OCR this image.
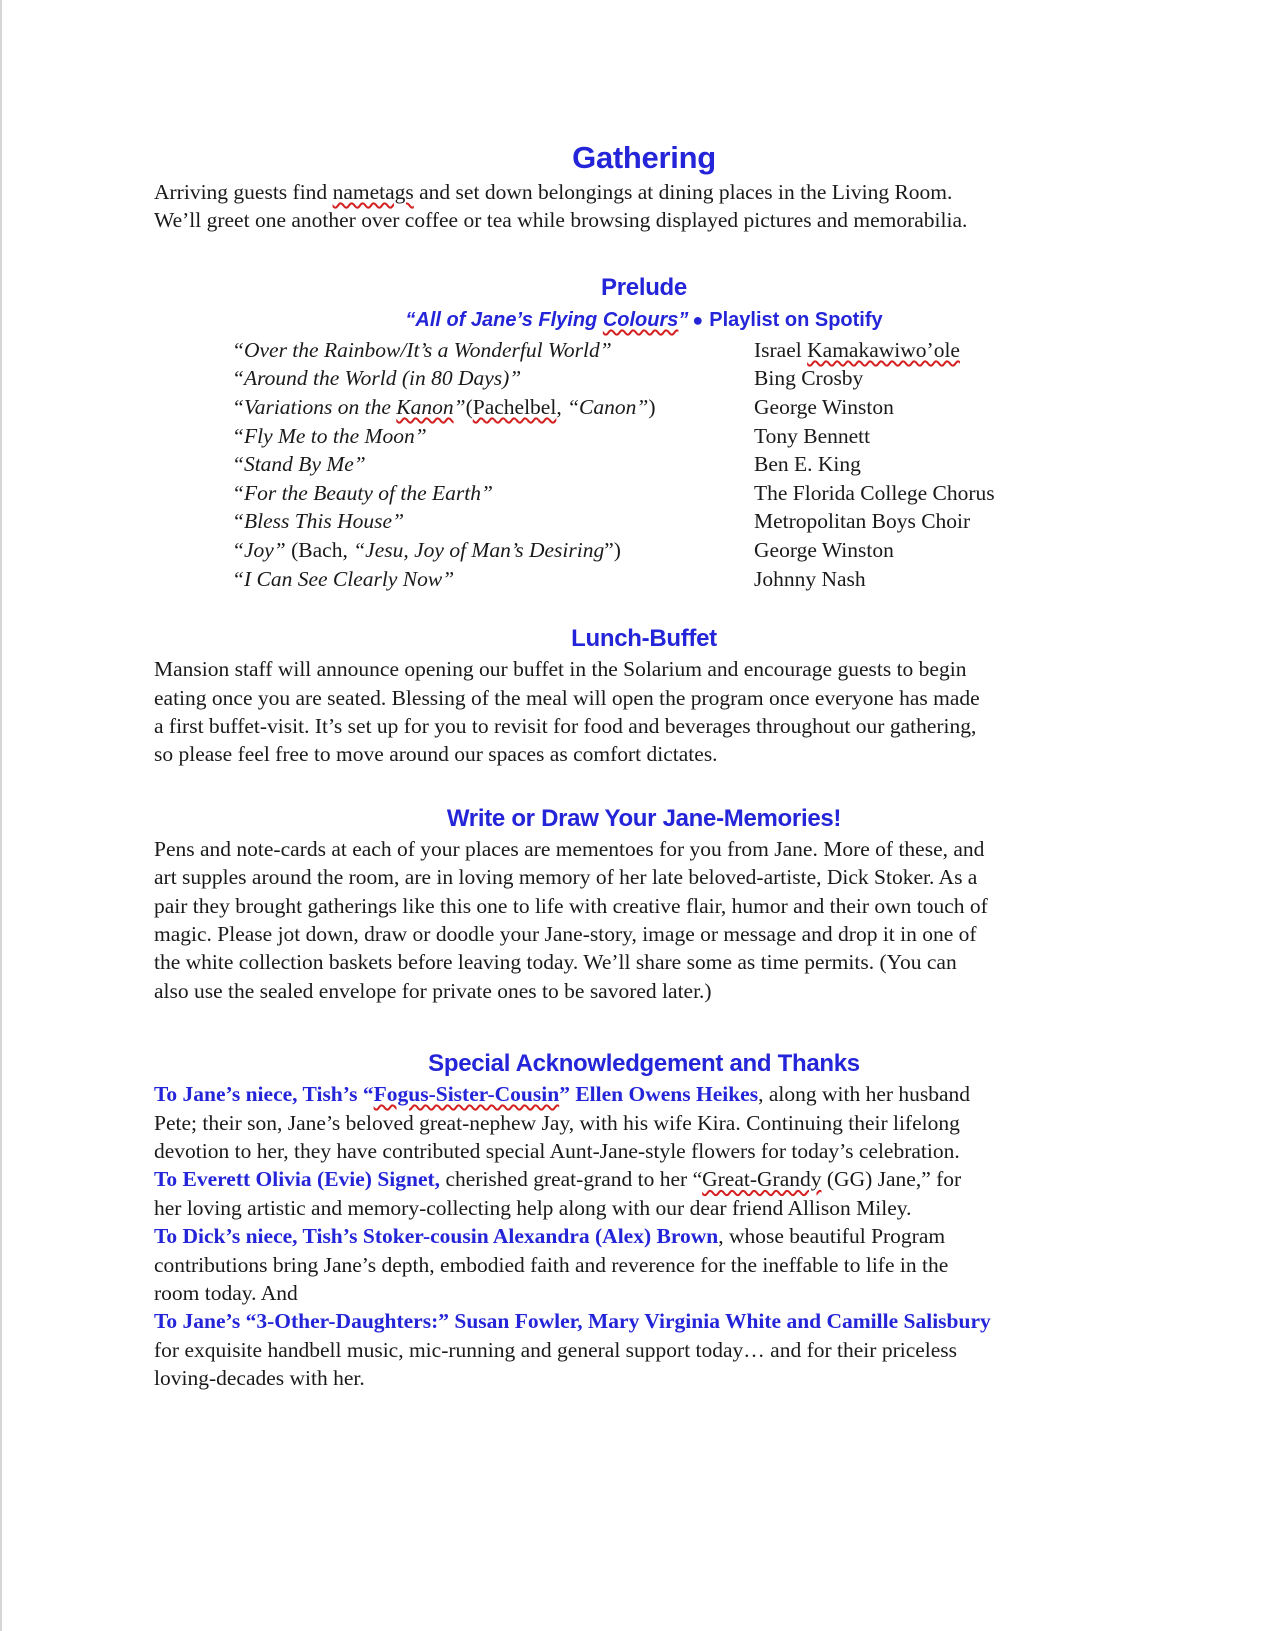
Gathering

Arriving guests find nametags and set down belongings at dining places in the Living Room.
We’ll greet one another over coffee or tea while browsing displayed pictures and memorabilia.

Prelude
“All of Jane’s Flying Colours” ● Playlist on Spotify
“Over the Rainbow/It’s a Wonderful World”	Israel Kamakawiwo’ole
“Around the World (in 80 Days)”	Bing Crosby
“Variations on the Kanon”(Pachelbel, “Canon”)	George Winston
“Fly Me to the Moon”	Tony Bennett
“Stand By Me”	Ben E. King
“For the Beauty of the Earth”	The Florida College Chorus
“Bless This House”	Metropolitan Boys Choir
“Joy” (Bach, “Jesu, Joy of Man’s Desiring”)	George Winston
“I Can See Clearly Now”	Johnny Nash
Lunch-Buffet

Mansion staff will announce opening our buffet in the Solarium and encourage guests to begin
eating once you are seated. Blessing of the meal will open the program once everyone has made
a first buffet-visit. It’s set up for you to revisit for food and beverages throughout our gathering,
so please feel free to move around our spaces as comfort dictates.

Write or Draw Your Jane-Memories!

Pens and note-cards at each of your places are mementoes for you from Jane. More of these, and
art supples around the room, are in loving memory of her late beloved-artiste, Dick Stoker. As a
pair they brought gatherings like this one to life with creative flair, humor and their own touch of
magic. Please jot down, draw or doodle your Jane-story, image or message and drop it in one of
the white collection baskets before leaving today. We’ll share some as time permits. (You can
also use the sealed envelope for private ones to be savored later.)

Special Acknowledgement and Thanks

To Jane’s niece, Tish’s “Fogus-Sister-Cousin” Ellen Owens Heikes, along with her husband
Pete; their son, Jane’s beloved great-nephew Jay, with his wife Kira. Continuing their lifelong
devotion to her, they have contributed special Aunt-Jane-style flowers for today’s celebration.

To Everett Olivia (Evie) Signet, cherished great-grand to her “Great-Grandy (GG) Jane,” for
her loving artistic and memory-collecting help along with our dear friend Allison Miley.

To Dick’s niece, Tish’s Stoker-cousin Alexandra (Alex) Brown, whose beautiful Program
contributions bring Jane’s depth, embodied faith and reverence for the ineffable to life in the
room today. And

To Jane’s “3-Other-Daughters:” Susan Fowler, Mary Virginia White and Camille Salisbury
for exquisite handbell music, mic-running and general support today… and for their priceless
loving-decades with her.
